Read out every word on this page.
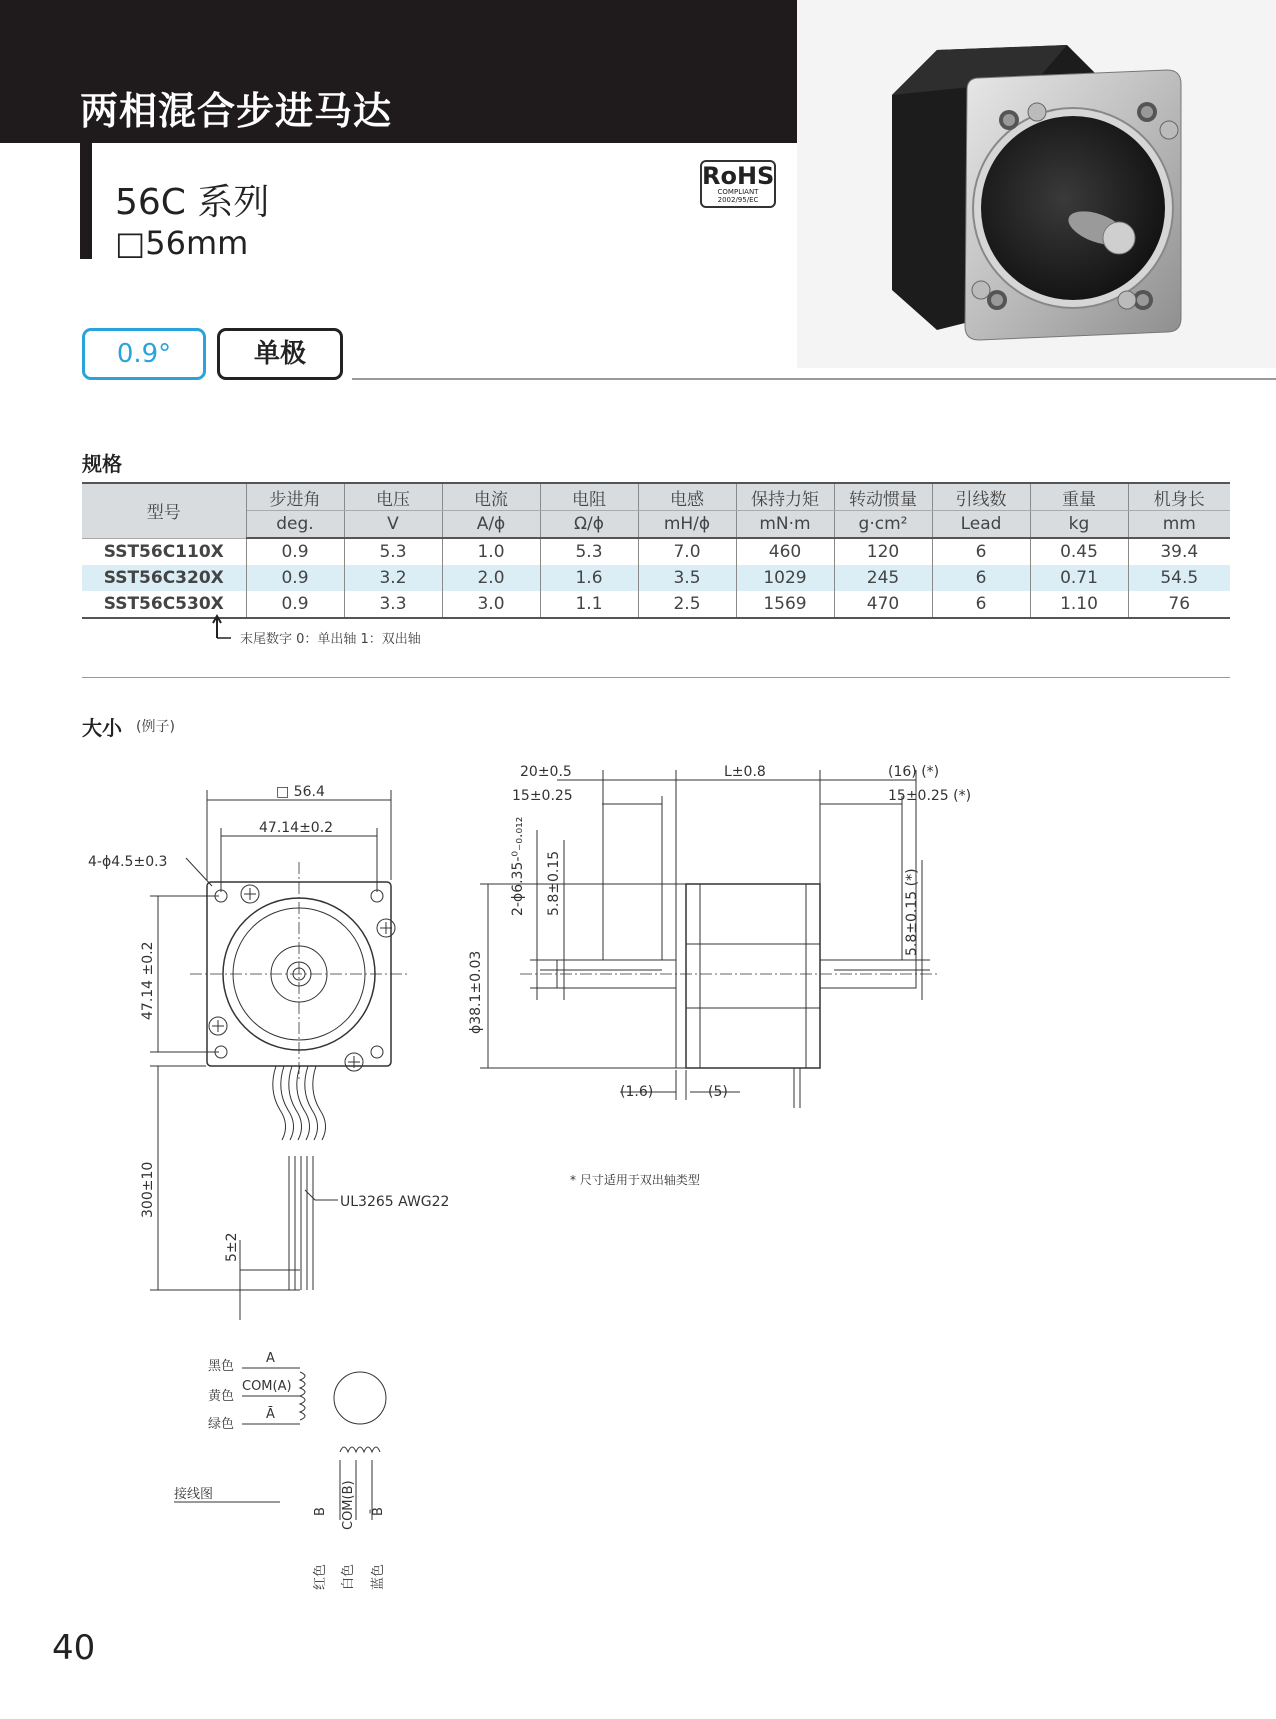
两相混合步进马达
56C 系列
□56mm
RoHS
COMPLIANT
2002/95/EC
0.9°	单极
规格
型号	步进角	电压	电流	电阻	电感	保持力矩	转动惯量	引线数	重量	机身长
	deg.	V	A/ϕ	Ω/ϕ	mH/ϕ	mN·m	g·cm²	Lead	kg	mm
SST56C110X	0.9	5.3	1.0	5.3	7.0	460	120	6	0.45	39.4
SST56C320X	0.9	3.2	2.0	1.6	3.5	1029	245	6	0.71	54.5
SST56C530X	0.9	3.3	3.0	1.1	2.5	1569	470	6	1.10	76
末尾数字 0：单出轴 1：双出轴
大小 (例子)
□ 56.4
47.14±0.2
4-ϕ4.5±0.3
47.14 ±0.2
300±10
5±2
UL3265 AWG22
20±0.5
15±0.25
L±0.8	(16) (*)
15±0.25 (*)
2-ϕ6.35-⁰₋₀.₀₁₂ 5.8±0.15
ϕ38.1±0.03
5.8±0.15 (*)
(1.6)	(5)
* 尺寸适用于双出轴类型
黑色
黄色
绿色
A
COM(A)
Ā
B COM(B) B̄
红色 白色 蓝色
接线图
40
